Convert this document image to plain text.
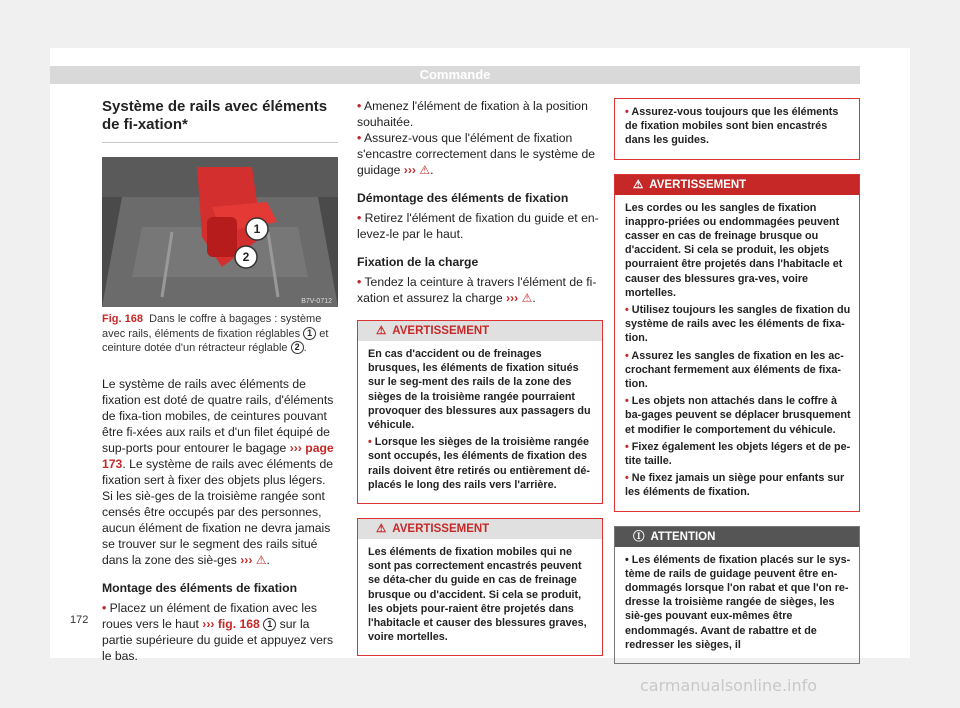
Commande
Système de rails avec éléments de fi-xation*
1
2
B7V-0712
Fig. 168 Dans le coffre à bagages : système avec rails, éléments de fixation réglables 1 et ceinture dotée d'un rétracteur réglable 2 .

Le système de rails avec éléments de fixation est doté de quatre rails, d'éléments de fixa-tion mobiles, de ceintures pouvant être fi-xées aux rails et d'un filet équipé de sup-ports pour entourer le bagage ››› page 173. Le système de rails avec éléments de fixation sert à fixer des objets plus légers. Si les siè-ges de la troisième rangée sont censés être occupés par des personnes, aucun élément de fixation ne devra jamais se trouver sur le segment des rails situé dans la zone des siè-ges ››› ⚠.

Montage des éléments de fixation

• Placez un élément de fixation avec les roues vers le haut ››› fig. 168 1 sur la partie supérieure du guide et appuyez vers le bas.

• Amenez l'élément de fixation à la position souhaitée.

• Assurez-vous que l'élément de fixation s'encastre correctement dans le système de guidage ››› ⚠.

Démontage des éléments de fixation

• Retirez l'élément de fixation du guide et en-levez-le par le haut.

Fixation de la charge

• Tendez la ceinture à travers l'élément de fi-xation et assurez la charge ››› ⚠.

⚠  AVERTISSEMENT

En cas d'accident ou de freinages brusques, les éléments de fixation situés sur le seg-ment des rails de la zone des sièges de la troisième rangée pourraient provoquer des blessures aux passagers du véhicule.

• Lorsque les sièges de la troisième rangée sont occupés, les éléments de fixation des rails doivent être retirés ou entièrement dé-placés le long des rails vers l'arrière.

⚠  AVERTISSEMENT

Les éléments de fixation mobiles qui ne sont pas correctement encastrés peuvent se déta-cher du guide en cas de freinage brusque ou d'accident. Si cela se produit, les objets pour-raient être projetés dans l'habitacle et causer des blessures graves, voire mortelles.

• Assurez-vous toujours que les éléments de fixation mobiles sont bien encastrés dans les guides.

⚠  AVERTISSEMENT

Les cordes ou les sangles de fixation inappro-priées ou endommagées peuvent casser en cas de freinage brusque ou d'accident. Si cela se produit, les objets pourraient être projetés dans l'habitacle et causer des blessures gra-ves, voire mortelles.

• Utilisez toujours les sangles de fixation du système de rails avec les éléments de fixa-tion.

• Assurez les sangles de fixation en les ac-crochant fermement aux éléments de fixa-tion.

• Les objets non attachés dans le coffre à ba-gages peuvent se déplacer brusquement et modifier le comportement du véhicule.

• Fixez également les objets légers et de pe-tite taille.

• Ne fixez jamais un siège pour enfants sur les éléments de fixation.

Ⓘ  ATTENTION

• Les éléments de fixation placés sur le sys-tème de rails de guidage peuvent être en-dommagés lorsque l'on rabat et que l'on re-dresse la troisième rangée de sièges, les siè-ges pouvant eux-mêmes être endommagés. Avant de rabattre et de redresser les sièges, il

172
carmanualsonline.info
